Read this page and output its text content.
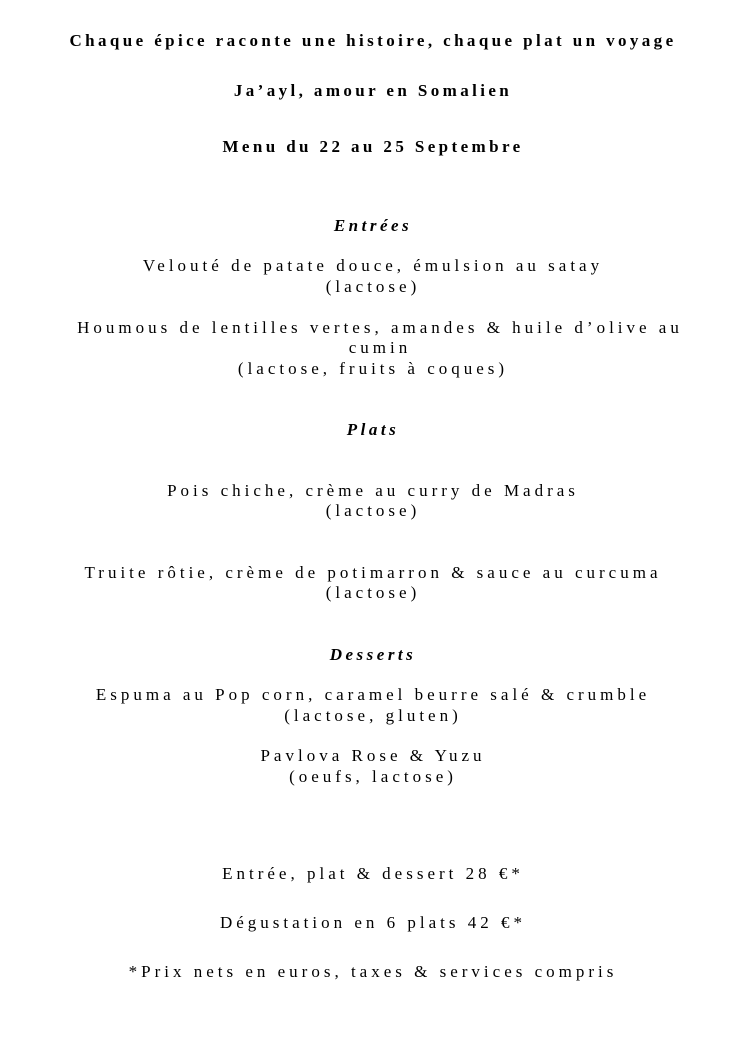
Chaque épice raconte une histoire, chaque plat un voyage
Ja’ayl, amour en Somalien
Menu du 22 au 25 Septembre
Entrées
Velouté de patate douce, émulsion au satay
(lactose)
Houmous de lentilles vertes, amandes & huile d’olive au cumin
(lactose, fruits à coques)
Plats
Pois chiche, crème au curry de Madras
(lactose)
Truite rôtie, crème de potimarron & sauce au curcuma
(lactose)
Desserts
Espuma au Pop corn, caramel beurre salé & crumble
(lactose, gluten)
Pavlova Rose & Yuzu
(oeufs, lactose)
Entrée, plat & dessert 28 €*
Dégustation en 6 plats 42 €*
*Prix nets en euros, taxes & services compris
